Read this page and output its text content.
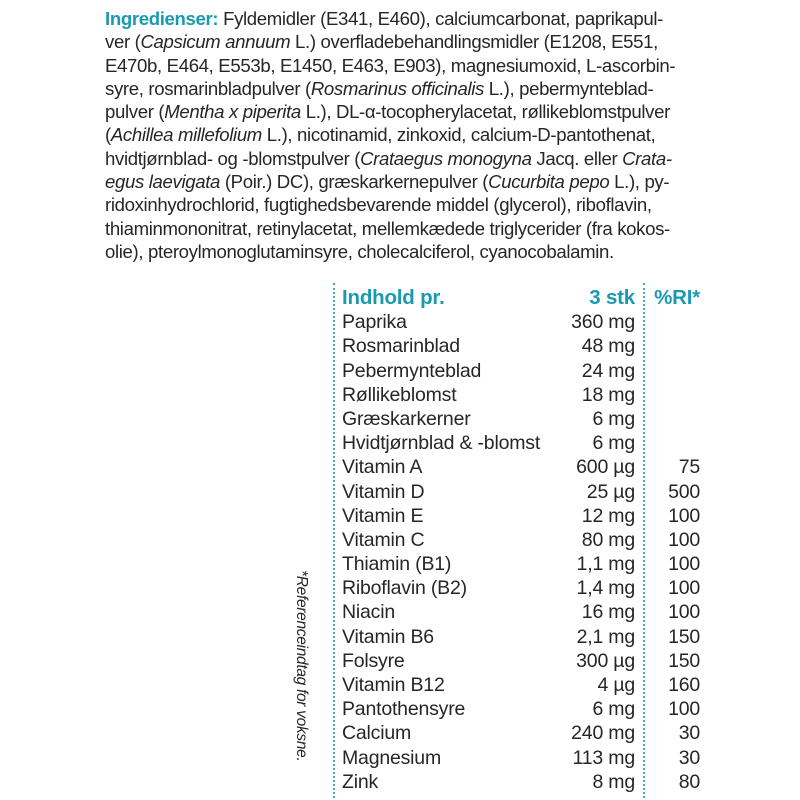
Ingredienser: Fyldemidler (E341, E460), calciumcarbonat, paprikapul-
ver (Capsicum annuum L.) overfladebehandlingsmidler (E1208, E551,
E470b, E464, E553b, E1450, E463, E903), magnesiumoxid, L-ascorbin-
syre, rosmarinbladpulver (Rosmarinus officinalis L.), pebermynteblad-
pulver (Mentha x piperita L.), DL-α-tocopherylacetat, røllikeblomstpulver
(Achillea millefolium L.), nicotinamid, zinkoxid, calcium-D-pantothenat,
hvidtjørnblad- og -blomstpulver (Crataegus monogyna Jacq. eller Crata-
egus laevigata (Poir.) DC), græskarkernepulver (Cucurbita pepo L.), py-
ridoxinhydrochlorid, fugtighedsbevarende middel (glycerol), riboflavin,
thiaminmononitrat, retinylacetat, mellemkædede triglycerider (fra kokos-
olie), pteroylmonoglutaminsyre, cholecalciferol, cyanocobalamin.
Indhold pr.	3 stk %RI*
Paprika	360 mg
Rosmarinblad	48 mg
Pebermynteblad	24 mg
Røllikeblomst	18 mg
Græskarkerner	6 mg
Hvidtjørnblad & -blomst	6 mg
Vitamin A	600 µg 75
Vitamin D	25 µg 500
Vitamin E	12 mg 100
Vitamin C	80 mg 100
Thiamin (B1)	1,1 mg 100
Riboflavin (B2)	1,4 mg 100
Niacin	16 mg 100
Vitamin B6	2,1 mg 150
Folsyre	300 µg 150
Vitamin B12	4 µg 160
Pantothensyre	6 mg 100
Calcium	240 mg 30
Magnesium	113 mg 30
Zink	8 mg 80
*Referenceindtag for voksne.
